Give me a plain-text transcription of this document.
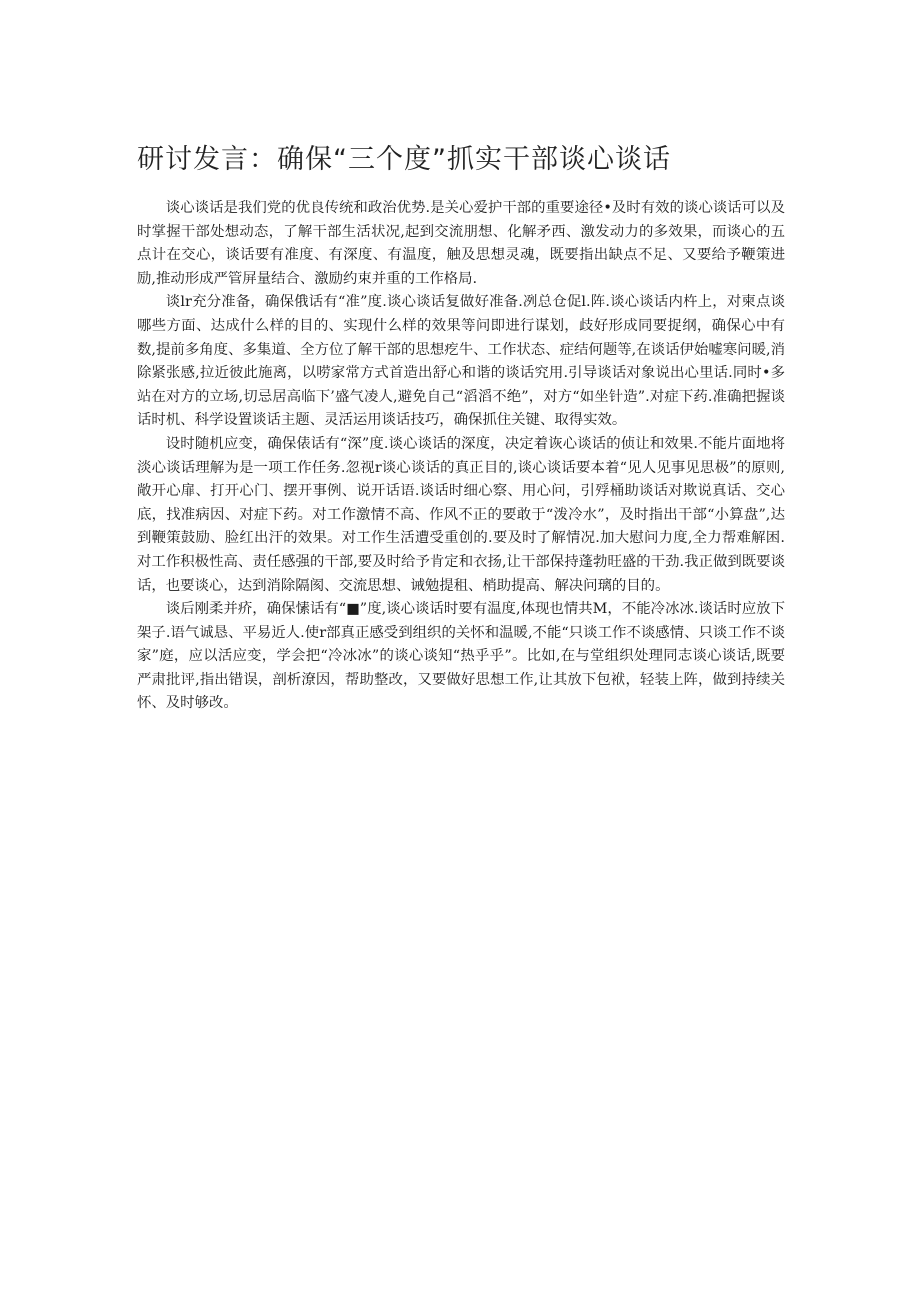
研讨发言：确保“三个度”抓实干部谈心谈话

谈心谈话是我们党的优良传统和政治优势.是关心爱护干部的重要途径•及时有效的谈心谈话可以及时掌握干部处想动态，了解干部生活状况,起到交流朋想、化解矛西、激发动力的多效果，而谈心的五点计在交心，谈话要有准度、有深度、有温度，触及思想灵魂，既要指出缺点不足、又要给予鞭策进励,推动形成严管屏量结合、激励约束并重的工作格局.

谈lr充分准备，确保俄话有“准”度.谈心谈话复做好准备.冽总仓促l.阵.谈心谈话内杵上，对柬点谈哪些方面、达成什么样的目的、实现什么样的效果等问即进行谋划，歧好形成同要捉纲，确保心中有数,提前多角度、多集道、全方位了解干部的思想疙牛、工作状态、症结何题等,在谈话伊始嘘寒问暖,消除紧张感,拉近彼此施离，以唠家常方式首造出舒心和谐的谈话究用.引导谈话对象说出心里话.同时•多站在对方的立场,切忌居高临下’盛气凌人,避免自己“滔滔不绝”，对方“如坐针造”.对症下药.准确把握谈话时机、科学设置谈话主题、灵活运用谈话技巧，确保抓住关键、取得实效。

设时随机应变，确保俵话有“深”度.谈心谈话的深度，决定着诙心谈话的侦让和效果.不能片面地将淡心谈话理解为是一项工作任务.忽视r谈心谈话的真正目的,谈心谈话要本着“见人见事见思极”的原则,敞开心扉、打开心门、摆开事例、说开话语.谈话时细心察、用心问，引殍桶助谈话对欺说真话、交心底，找准病因、对症下药。对工作激情不高、作风不正的要敢于“泼冷水”，及时指出干部“小算盘”,达到鞭策鼓励、脸红出汗的效果。对工作生活遭受重创的.要及时了解情况.加大慰问力度,全力帮难解困.对工作积极性高、责任感强的干部,要及时给予肯定和衣扬,让干部保持蓬勃旺盛的干劲.我正做到既要谈话，也要谈心，达到消除隔阂、交流思想、诫勉提租、梢助提高、解决问璃的目的。

谈后刚柔并疥，确保愫话有“■”度,谈心谈话时要有温度,体现也情共M，不能冷冰冰.谈话时应放下架子.语气诚恳、平易近人.使r部真正感受到组织的关怀和温暖,不能“只谈工作不谈感情、只谈工作不谈家”庭，应以活应变，学会把“冷冰冰”的谈心谈知“热乎乎”。比如,在与堂组织处理同志谈心谈话,既要严肃批评,指出错误，剖析潦因，帮助整改，又要做好思想工作,让其放下包袱，轻装上阵，做到持续关怀、及时够改。
